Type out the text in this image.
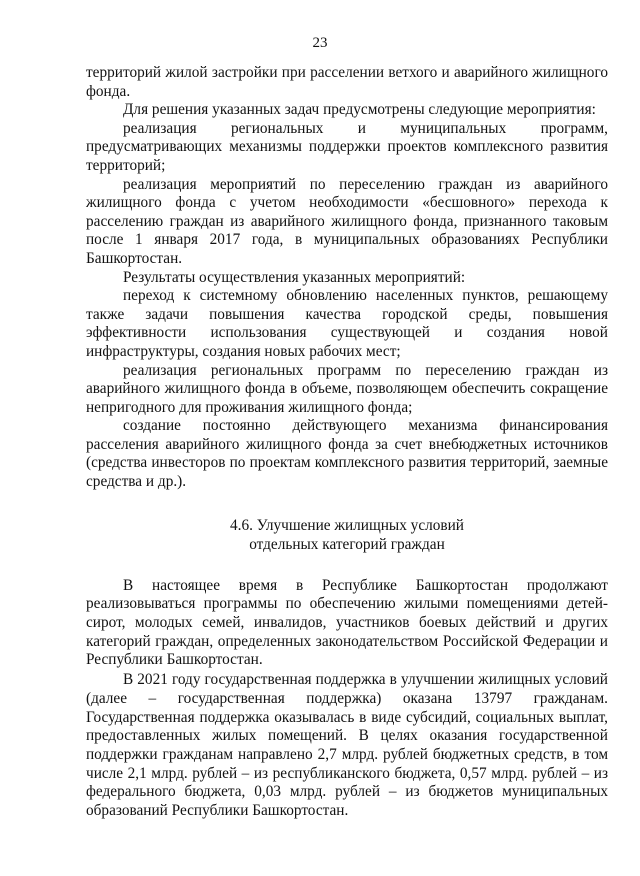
23

территорий жилой застройки при расселении ветхого и аварийного жилищного фонда.

Для решения указанных задач предусмотрены следующие мероприятия:

реализация региональных и муниципальных программ, предусматривающих механизмы поддержки проектов комплексного развития территорий;

реализация мероприятий по переселению граждан из аварийного жилищного фонда с учетом необходимости «бесшовного» перехода к расселению граждан из аварийного жилищного фонда, признанного таковым после 1 января 2017 года, в муниципальных образованиях Республики Башкортостан.

Результаты осуществления указанных мероприятий:

переход к системному обновлению населенных пунктов, решающему также задачи повышения качества городской среды, повышения эффективности использования существующей и создания новой инфраструктуры, создания новых рабочих мест;

реализация региональных программ по переселению граждан из аварийного жилищного фонда в объеме, позволяющем обеспечить сокращение непригодного для проживания жилищного фонда;

создание постоянно действующего механизма финансирования расселения аварийного жилищного фонда за счет внебюджетных источников (средства инвесторов по проектам комплексного развития территорий, заемные средства и др.).

4.6. Улучшение жилищных условий
отдельных категорий граждан

В настоящее время в Республике Башкортостан продолжают реализовываться программы по обеспечению жилыми помещениями детей-сирот, молодых семей, инвалидов, участников боевых действий и других категорий граждан, определенных законодательством Российской Федерации и Республики Башкортостан.

В 2021 году государственная поддержка в улучшении жилищных условий (далее – государственная поддержка) оказана 13797 гражданам. Государственная поддержка оказывалась в виде субсидий, социальных выплат, предоставленных жилых помещений. В целях оказания государственной поддержки гражданам направлено 2,7 млрд. рублей бюджетных средств, в том числе 2,1 млрд. рублей – из республиканского бюджета, 0,57 млрд. рублей – из федерального бюджета, 0,03 млрд. рублей – из бюджетов муниципальных образований Республики Башкортостан.
